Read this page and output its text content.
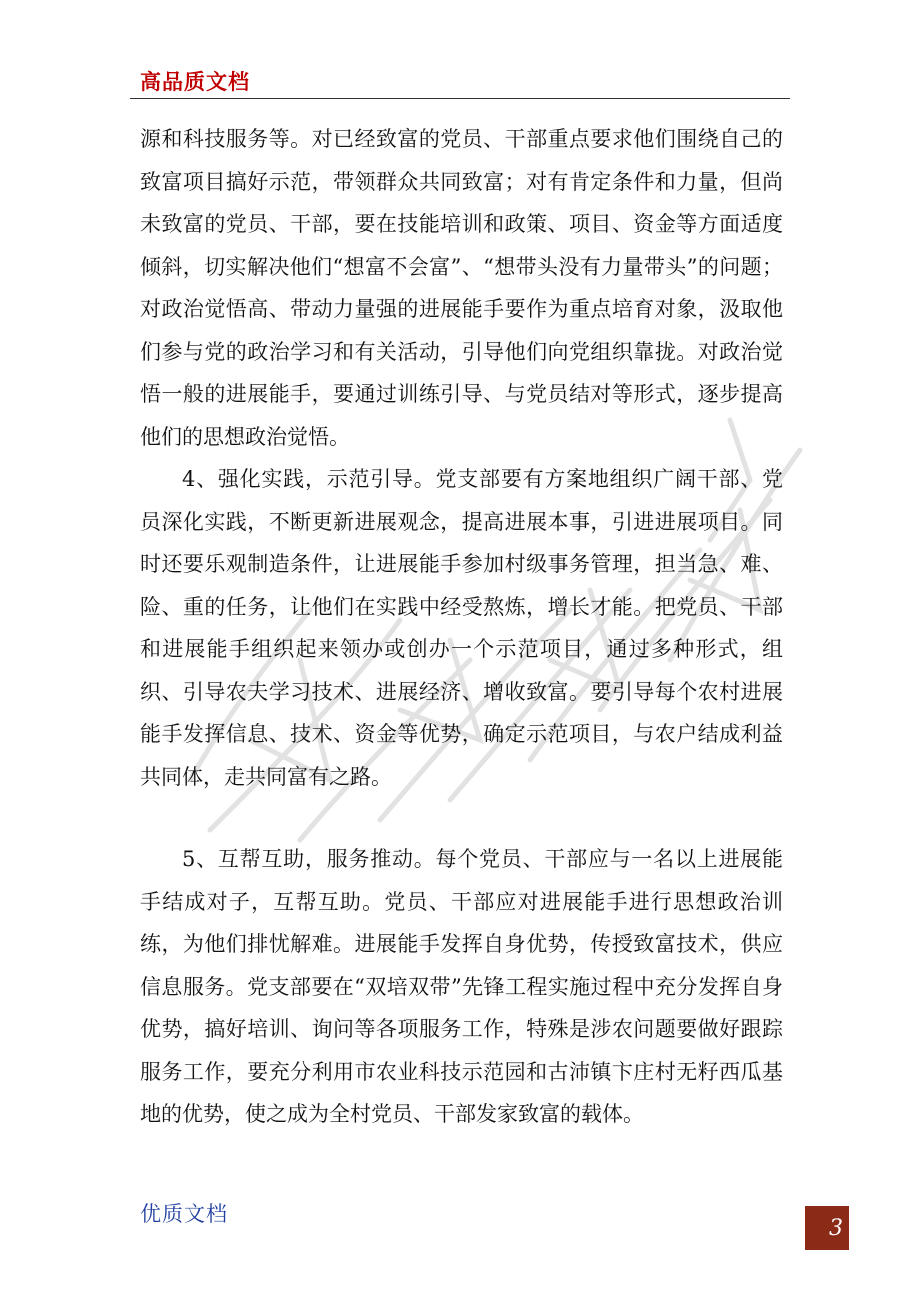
高品质文档

源和科技服务等。对已经致富的党员、干部重点要求他们围绕自己的致富项目搞好示范，带领群众共同致富；对有肯定条件和力量，但尚未致富的党员、干部，要在技能培训和政策、项目、资金等方面适度倾斜，切实解决他们“想富不会富”、“想带头没有力量带头”的问题；对政治觉悟高、带动力量强的进展能手要作为重点培育对象，汲取他们参与党的政治学习和有关活动，引导他们向党组织靠拢。对政治觉悟一般的进展能手，要通过训练引导、与党员结对等形式，逐步提高他们的思想政治觉悟。

4、强化实践，示范引导。党支部要有方案地组织广阔干部、党员深化实践，不断更新进展观念，提高进展本事，引进进展项目。同时还要乐观制造条件，让进展能手参加村级事务管理，担当急、难、险、重的任务，让他们在实践中经受熬炼，增长才能。把党员、干部和进展能手组织起来领办或创办一个示范项目，通过多种形式，组织、引导农夫学习技术、进展经济、增收致富。要引导每个农村进展能手发挥信息、技术、资金等优势，确定示范项目，与农户结成利益共同体，走共同富有之路。

5、互帮互助，服务推动。每个党员、干部应与一名以上进展能手结成对子，互帮互助。党员、干部应对进展能手进行思想政治训练，为他们排忧解难。进展能手发挥自身优势，传授致富技术，供应信息服务。党支部要在“双培双带”先锋工程实施过程中充分发挥自身优势，搞好培训、询问等各项服务工作，特殊是涉农问题要做好跟踪服务工作，要充分利用市农业科技示范园和古沛镇卞庄村无籽西瓜基地的优势，使之成为全村党员、干部发家致富的载体。

优质文档
3
